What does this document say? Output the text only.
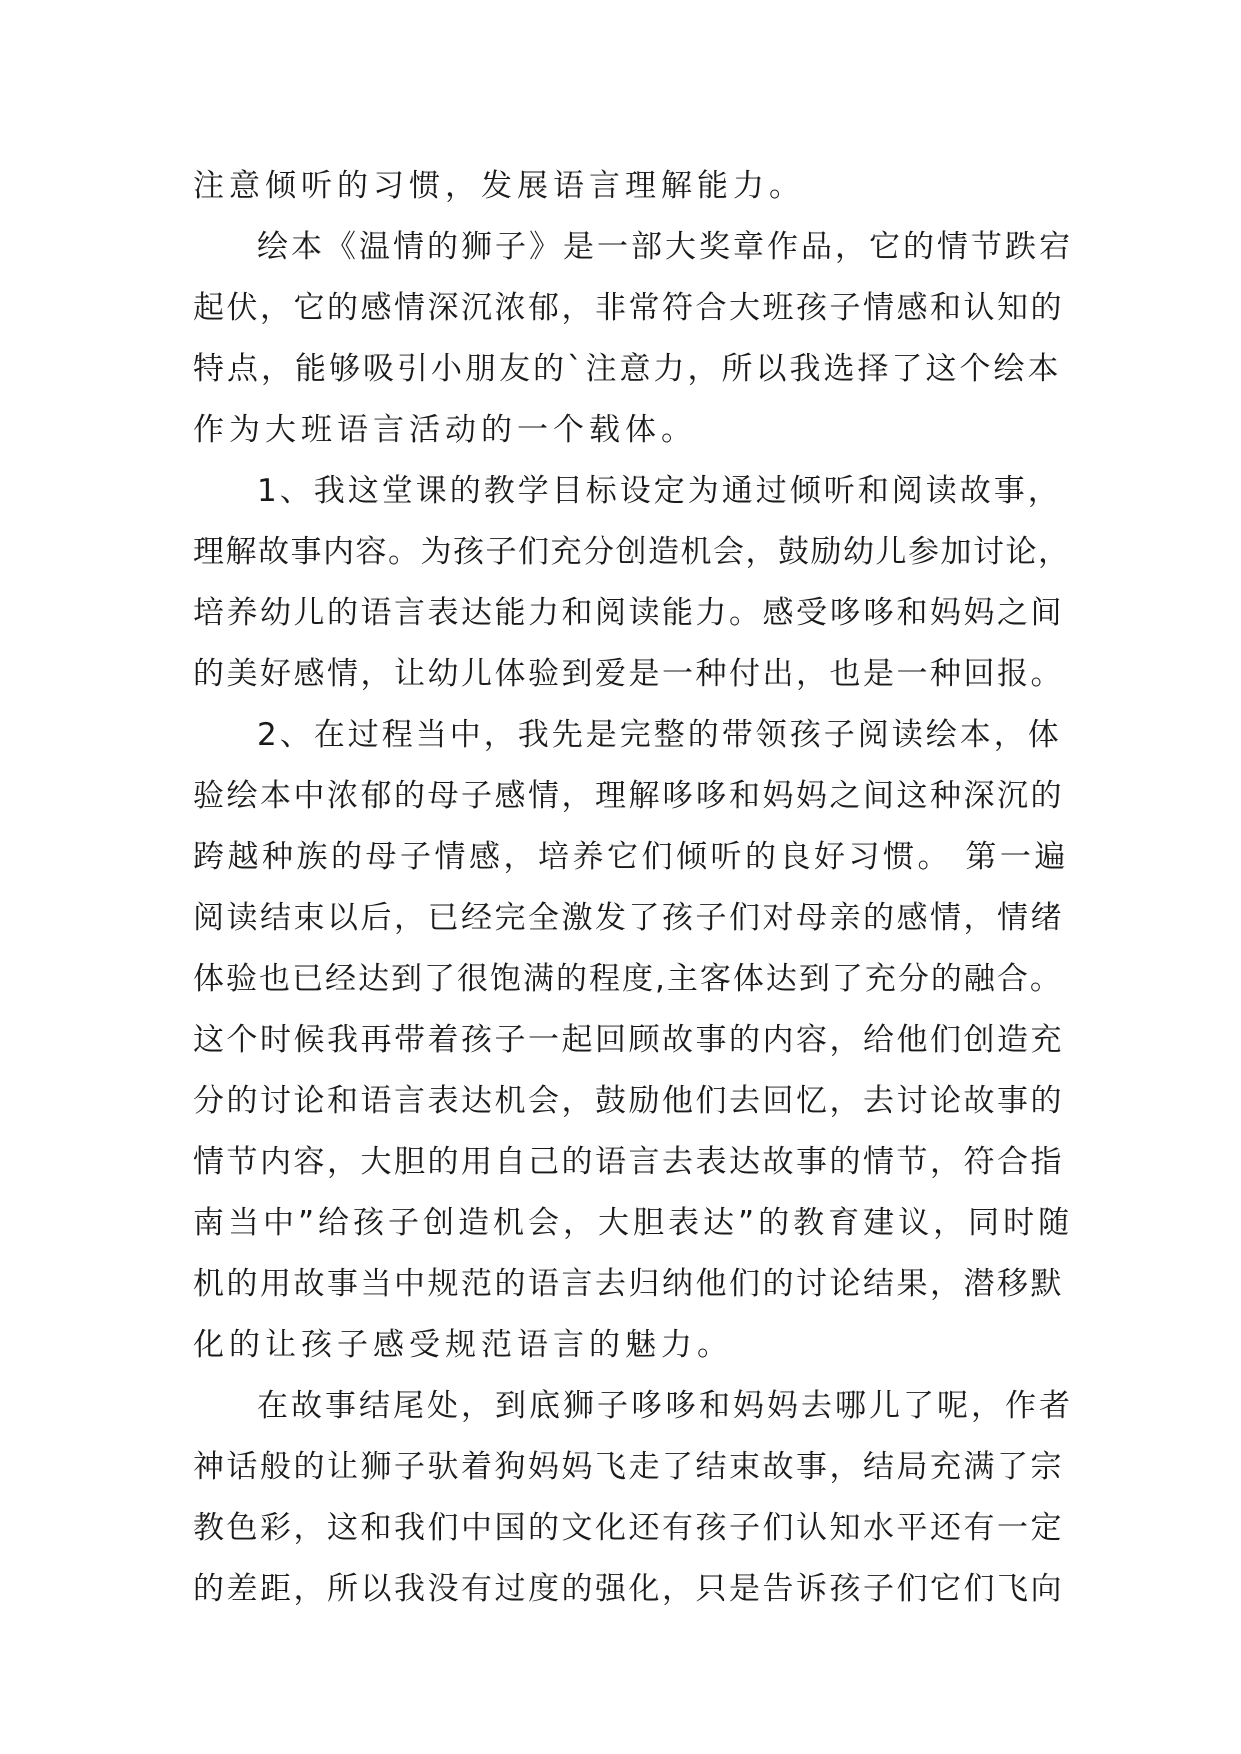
注意倾听的习惯，发展语言理解能力。
绘本《温情的狮子》是一部大奖章作品，它的情节跌宕
起伏，它的感情深沉浓郁，非常符合大班孩子情感和认知的
特点，能够吸引小朋友的`注意力，所以我选择了这个绘本
作为大班语言活动的一个载体。
1、我这堂课的教学目标设定为通过倾听和阅读故事，
理解故事内容。为孩子们充分创造机会，鼓励幼儿参加讨论，
培养幼儿的语言表达能力和阅读能力。感受哆哆和妈妈之间
的美好感情，让幼儿体验到爱是一种付出，也是一种回报。
2、在过程当中，我先是完整的带领孩子阅读绘本，体
验绘本中浓郁的母子感情，理解哆哆和妈妈之间这种深沉的
跨越种族的母子情感，培养它们倾听的良好习惯。 第一遍
阅读结束以后，已经完全激发了孩子们对母亲的感情，情绪
体验也已经达到了很饱满的程度,主客体达到了充分的融合。
这个时候我再带着孩子一起回顾故事的内容，给他们创造充
分的讨论和语言表达机会，鼓励他们去回忆，去讨论故事的
情节内容，大胆的用自己的语言去表达故事的情节，符合指
南当中”给孩子创造机会，大胆表达”的教育建议，同时随
机的用故事当中规范的语言去归纳他们的讨论结果，潜移默
化的让孩子感受规范语言的魅力。
在故事结尾处，到底狮子哆哆和妈妈去哪儿了呢，作者
神话般的让狮子驮着狗妈妈飞走了结束故事，结局充满了宗
教色彩，这和我们中国的文化还有孩子们认知水平还有一定
的差距，所以我没有过度的强化，只是告诉孩子们它们飞向
